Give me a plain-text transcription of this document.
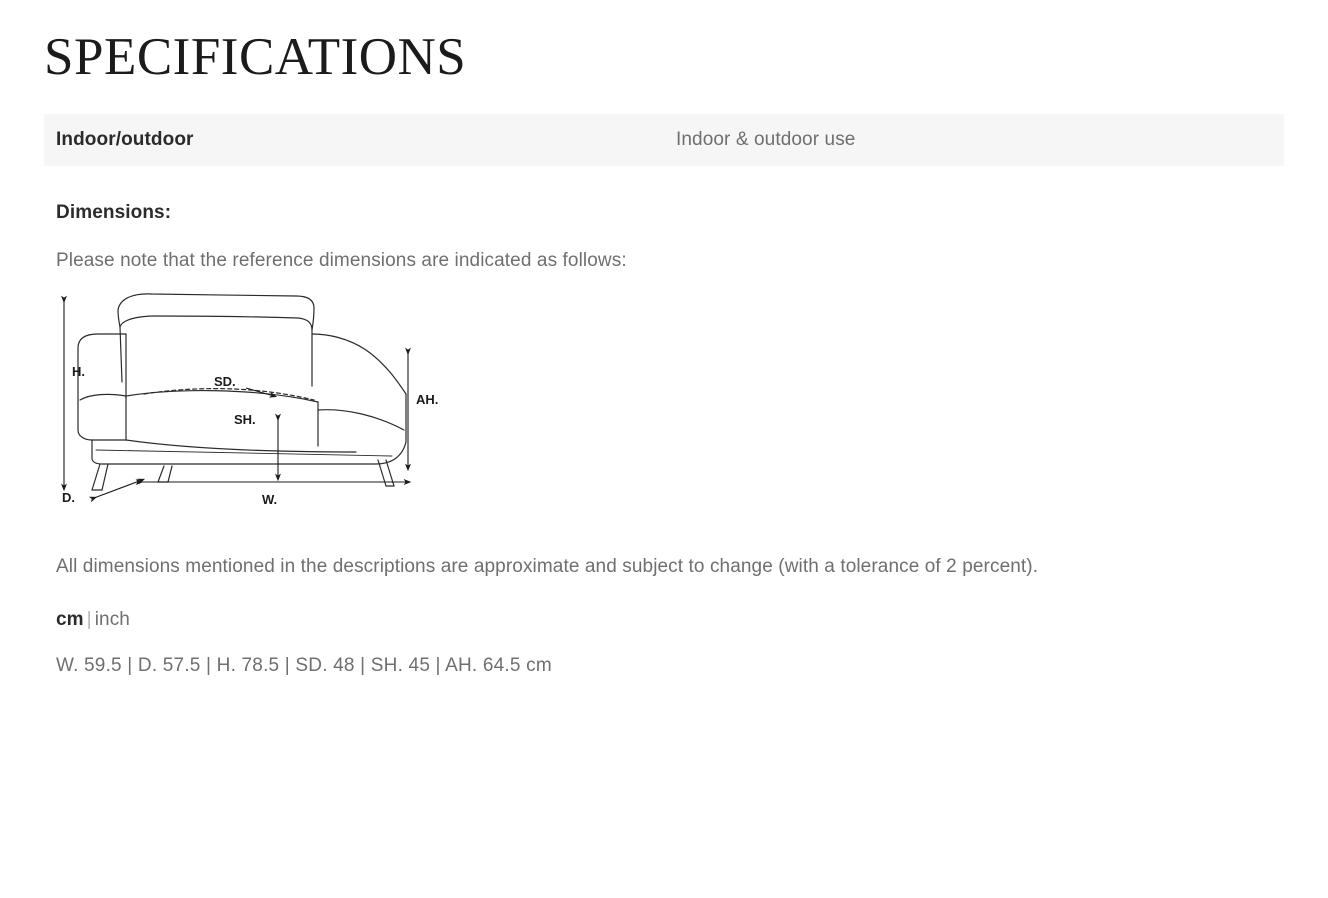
SPECIFICATIONS
Indoor/outdoor	Indoor & outdoor use
Dimensions:
Please note that the reference dimensions are indicated as follows:
H.
AH.
SD.
SH.
D.	W.
All dimensions mentioned in the descriptions are approximate and subject to change (with a tolerance of 2 percent).
cm | inch
W. 59.5 | D. 57.5 | H. 78.5 | SD. 48 | SH. 45 | AH. 64.5 cm
